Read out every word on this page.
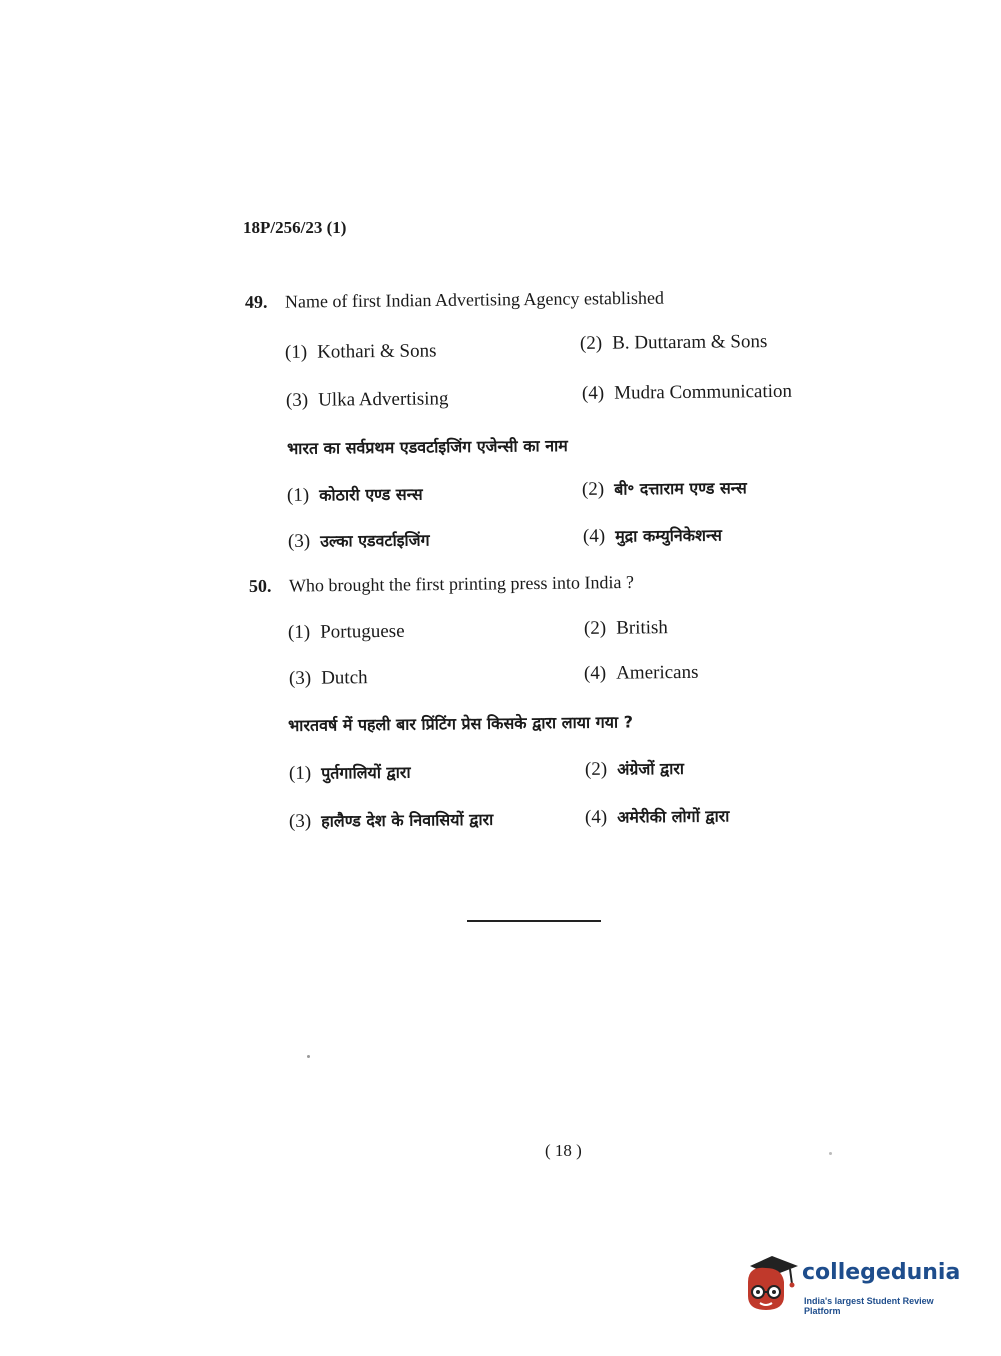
18P/256/23 (1)
49. Name of first Indian Advertising Agency established
(1) Kothari & Sons	(2) B. Duttaram & Sons
(3) Ulka Advertising	(4) Mudra Communication
भारत का सर्वप्रथम एडवर्टाइजिंग एजेन्सी का नाम
(1) कोठारी एण्ड सन्स	(2) बी॰ दत्ताराम एण्ड सन्स
(3) उल्का एडवर्टाइजिंग	(4) मुद्रा कम्युनिकेशन्स
50. Who brought the first printing press into India ?
(1) Portuguese	(2) British
(3) Dutch	(4) Americans
भारतवर्ष में पहली बार प्रिंटिंग प्रेस किसके द्वारा लाया गया ?
(1) पुर्तगालियों द्वारा	(2) अंग्रेजों द्वारा
(3) हालैण्ड देश के निवासियों द्वारा	(4) अमेरीकी लोगों द्वारा
( 18 )
collegedunia
India's largest Student Review Platform
